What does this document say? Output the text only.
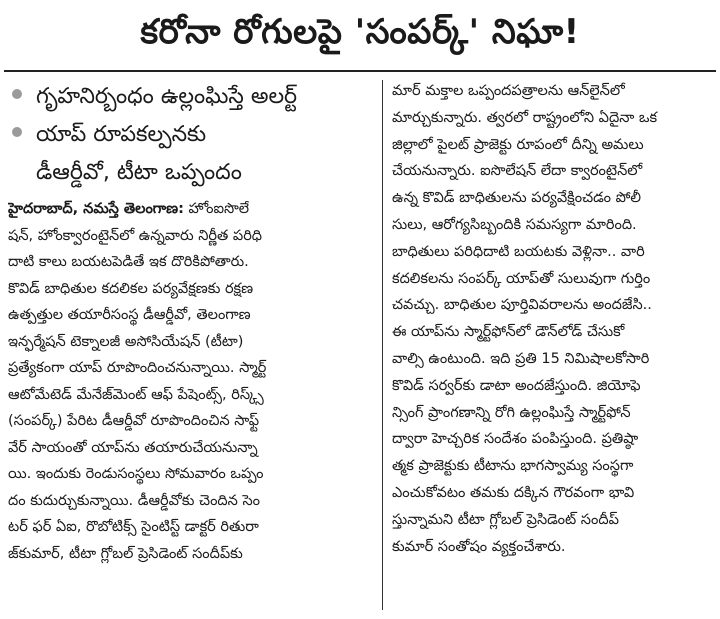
కరోనా రోగులపై 'సంపర్క్' నిఘా!
గృహనిర్బంధం ఉల్లంఘిస్తే అలర్ట్
యాప్ రూపకల్పనకు
డీఆర్డీవో, టీటా ఒప్పందం
హైదరాబాద్, నమస్తే తెలంగాణ: హోంఐసొలే
షన్, హోంక్వారంటైన్‌లో ఉన్నవారు నిర్ణీత పరిధి
దాటి కాలు బయటపెడితే ఇక దొరికిపోతారు.
కొవిడ్ బాధితుల కదలికల పర్యవేక్షణకు రక్షణ
ఉత్పత్తుల తయారీసంస్థ డీఆర్డీవో, తెలంగాణ
ఇన్ఫర్మేషన్ టెక్నాలజీ అసోసియేషన్ (టీటా)
ప్రత్యేకంగా యాప్ రూపొందించనున్నాయి. స్మార్ట్
ఆటోమేటెడ్ మేనేజ్‌మెంట్ ఆఫ్ పేషెంట్స్, రిస్క్స్
(సంపర్క్) పేరిట డీఆర్డీవో రూపొందించిన సాఫ్ట్
వేర్ సాయంతో యాప్‌ను తయారుచేయనున్నా
యి. ఇందుకు రెండుసంస్థలు సోమవారం ఒప్పం
దం కుదుర్చుకున్నాయి. డీఆర్డీవోకు చెందిన సెం
టర్ ఫర్ ఏఐ, రొబోటిక్స్ సైంటిస్ట్ డాక్టర్ రితురా
జ్‌కుమార్, టీటా గ్లోబల్ ప్రెసిడెంట్ సందీప్‌కు
మార్ మక్తాల ఒప్పందపత్రాలను ఆన్‌లైన్‌లో
మార్చుకున్నారు. త్వరలో రాష్ట్రంలోని ఏదైనా ఒక
జిల్లాలో పైలట్ ప్రాజెక్టు రూపంలో దీన్ని అమలు
చేయనున్నారు. ఐసొలేషన్ లేదా క్వారంటైన్‌లో
ఉన్న కొవిడ్ బాధితులను పర్యవేక్షించడం పోలీ
సులు, ఆరోగ్యసిబ్బందికి సమస్యగా మారింది.
బాధితులు పరిధిదాటి బయటకు వెళ్లినా.. వారి
కదలికలను సంపర్క్ యాప్‌తో సులువుగా గుర్తిం
చవచ్చు. బాధితుల పూర్తివివరాలను అందజేసి..
ఈ యాప్‌ను స్మార్ట్‌ఫోన్‌లో డౌన్‌లోడ్ చేసుకో
వాల్సి ఉంటుంది. ఇది ప్రతి 15 నిమిషాలకోసారి
కొవిడ్ సర్వర్‌కు డాటా అందజేస్తుంది. జియోఫె
న్సింగ్ ప్రాంగణాన్ని రోగి ఉల్లంఘిస్తే స్మార్ట్‌ఫోన్
ద్వారా హెచ్చరిక సందేశం పంపిస్తుంది. ప్రతిష్ఠా
త్మక ప్రాజెక్టుకు టీటాను భాగస్వామ్య సంస్థగా
ఎంచుకోవటం తమకు దక్కిన గౌరవంగా భావి
స్తున్నామని టీటా గ్లోబల్ ప్రెసిడెంట్ సందీప్
కుమార్ సంతోషం వ్యక్తంచేశారు.
